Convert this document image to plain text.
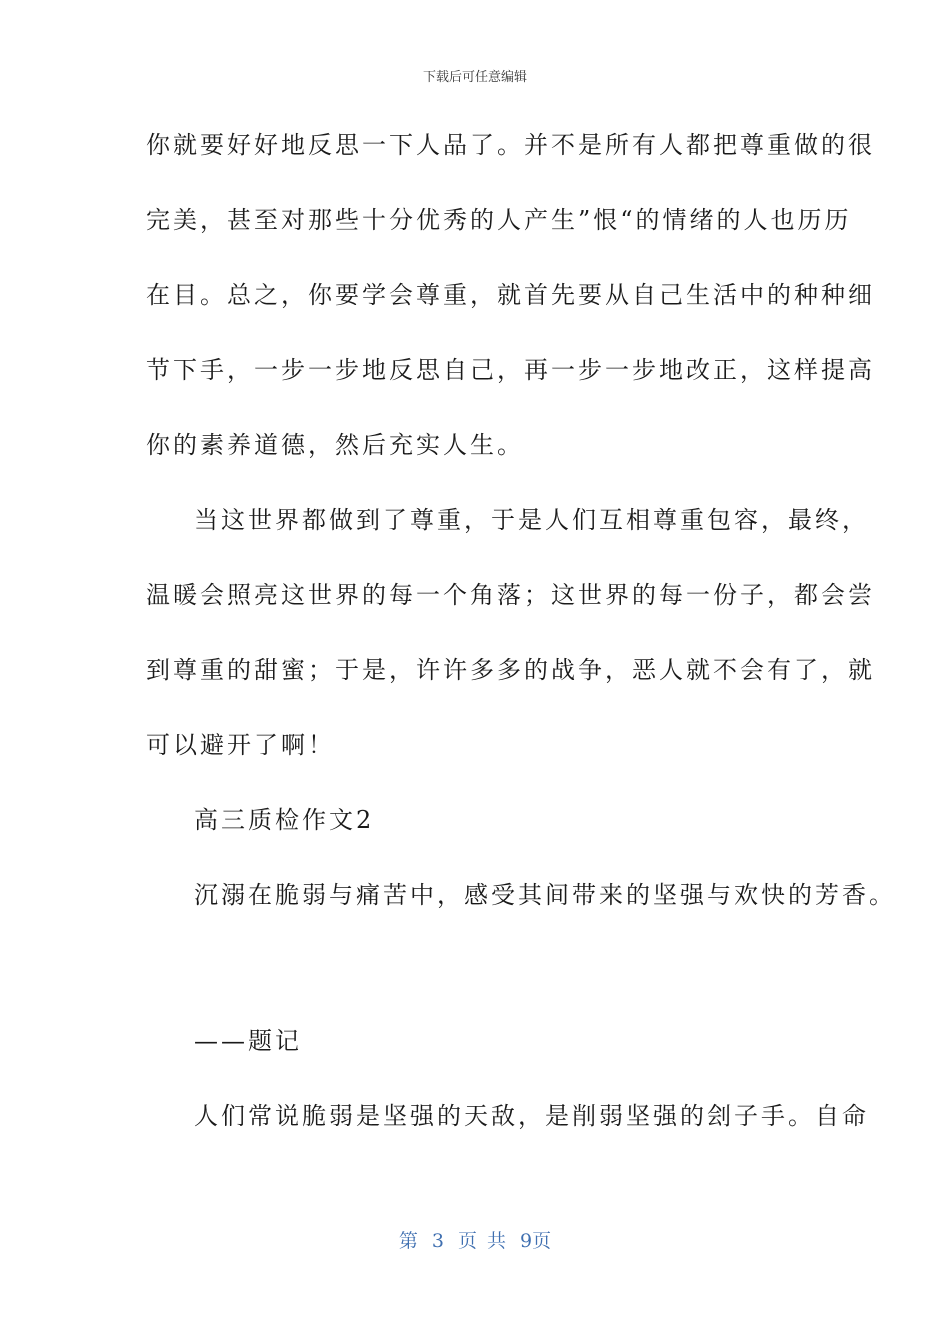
下载后可任意编辑
你就要好好地反思一下人品了。并不是所有人都把尊重做的很
完美，甚至对那些十分优秀的人产生”恨“的情绪的人也历历
在目。总之，你要学会尊重，就首先要从自己生活中的种种细
节下手，一步一步地反思自己，再一步一步地改正，这样提高
你的素养道德，然后充实人生。
当这世界都做到了尊重，于是人们互相尊重包容，最终，
温暖会照亮这世界的每一个角落；这世界的每一份子，都会尝
到尊重的甜蜜；于是，许许多多的战争，恶人就不会有了，就
可以避开了啊！
高三质检作文2
沉溺在脆弱与痛苦中，感受其间带来的坚强与欢快的芳香。
——题记
人们常说脆弱是坚强的天敌，是削弱坚强的刽子手。自命
第 3 页 共 9页
